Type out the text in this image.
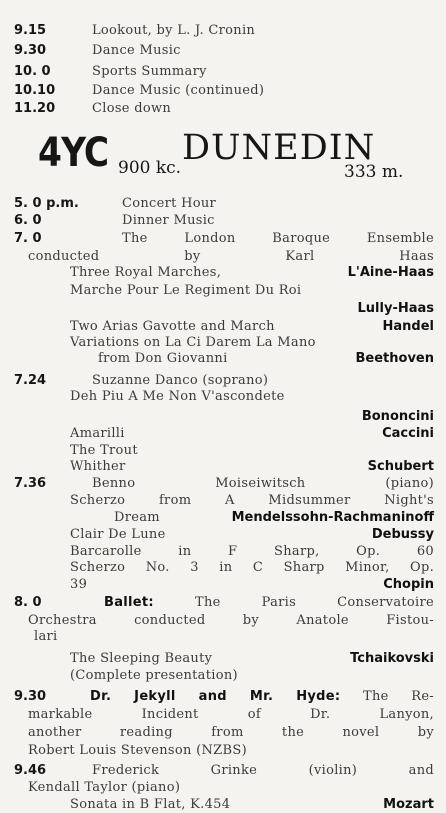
9.15	Lookout, by L. J. Cronin
9.30	Dance Music
10. 0	Sports Summary
10.10	Dance Music (continued)
11.20	Close down
4YC 900 kc. DUNEDIN
333 m.
5. 0 p.m.	Concert Hour
6. 0	Dinner Music
7. 0	The London Baroque Ensemble
conducted by Karl Haas
Three Royal Marches,	L'Aine-Haas
Marche Pour Le Regiment Du Roi
Lully-Haas
Two Arias Gavotte and March	Handel
Variations on La Ci Darem La Mano
from Don Giovanni	Beethoven
7.24	Suzanne Danco (soprano)
Deh Piu A Me Non V'ascondete
Bononcini
Amarilli	Caccini
The Trout
Whither	Schubert
7.36	Benno Moiseiwitsch (piano)
Scherzo from A Midsummer Night's
Dream	Mendelssohn-Rachmaninoff
Clair De Lune	Debussy
Barcarolle in F Sharp, Op. 60
Scherzo No. 3 in C Sharp Minor, Op.
39	Chopin
8. 0	Ballet: The Paris Conservatoire
Orchestra conducted by Anatole Fistou-
lari
The Sleeping Beauty	Tchaikovski
(Complete presentation)
9.30	Dr. Jekyll and Mr. Hyde: The Re-
markable Incident of Dr. Lanyon,
another reading from the novel by
Robert Louis Stevenson (NZBS)
9.46	Frederick Grinke (violin) and
Kendall Taylor (piano)
Sonata in B Flat, K.454	Mozart
